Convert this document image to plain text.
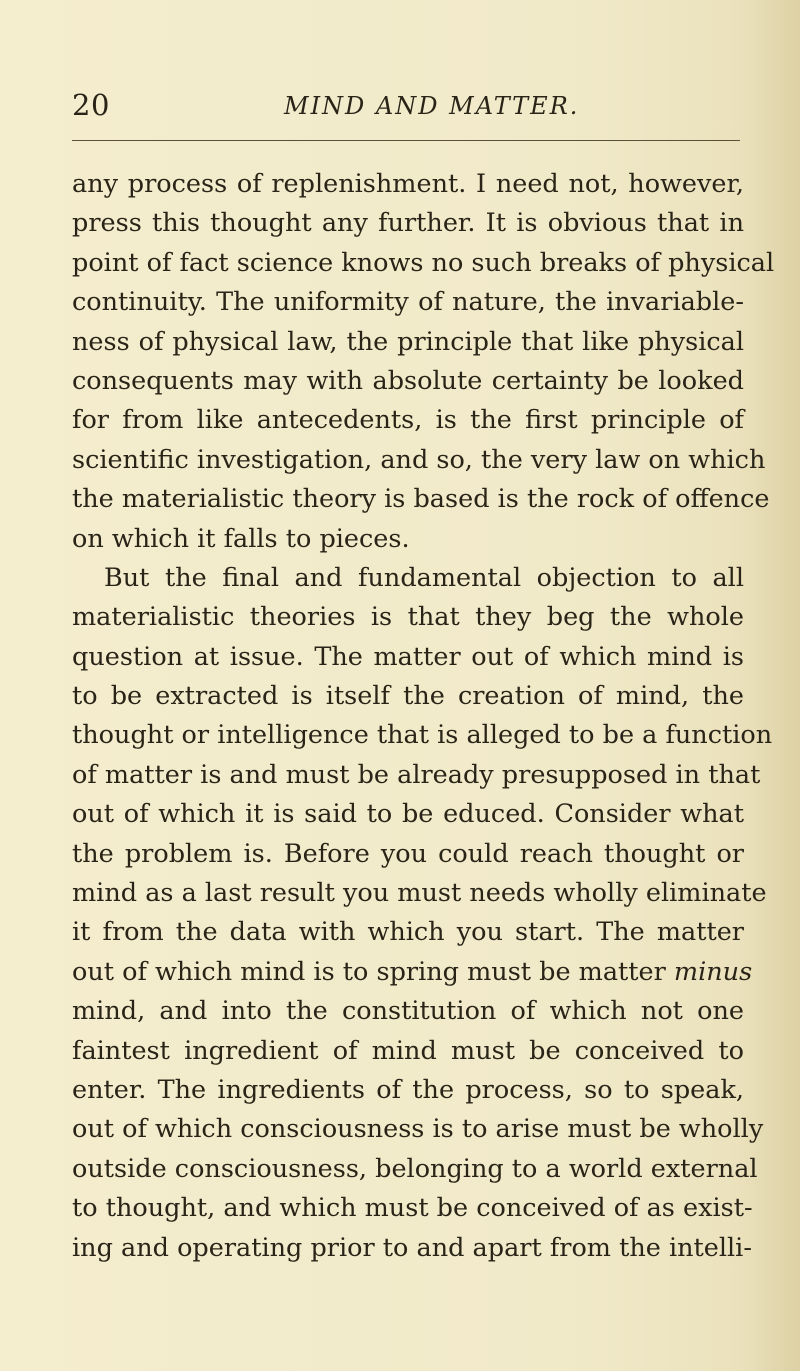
20	MIND AND MATTER.
any process of replenishment. I need not, however,
press this thought any further. It is obvious that in
point of fact science knows no such breaks of physical
continuity. The uniformity of nature, the invariable-
ness of physical law, the principle that like physical
consequents may with absolute certainty be looked
for from like antecedents, is the first principle of
scientific investigation, and so, the very law on which
the materialistic theory is based is the rock of offence
on which it falls to pieces.
But the final and fundamental objection to all
materialistic theories is that they beg the whole
question at issue. The matter out of which mind is
to be extracted is itself the creation of mind, the
thought or intelligence that is alleged to be a function
of matter is and must be already presupposed in that
out of which it is said to be educed. Consider what
the problem is. Before you could reach thought or
mind as a last result you must needs wholly eliminate
it from the data with which you start. The matter
out of which mind is to spring must be matter minus
mind, and into the constitution of which not one
faintest ingredient of mind must be conceived to
enter. The ingredients of the process, so to speak,
out of which consciousness is to arise must be wholly
outside consciousness, belonging to a world external
to thought, and which must be conceived of as exist-
ing and operating prior to and apart from the intelli-
